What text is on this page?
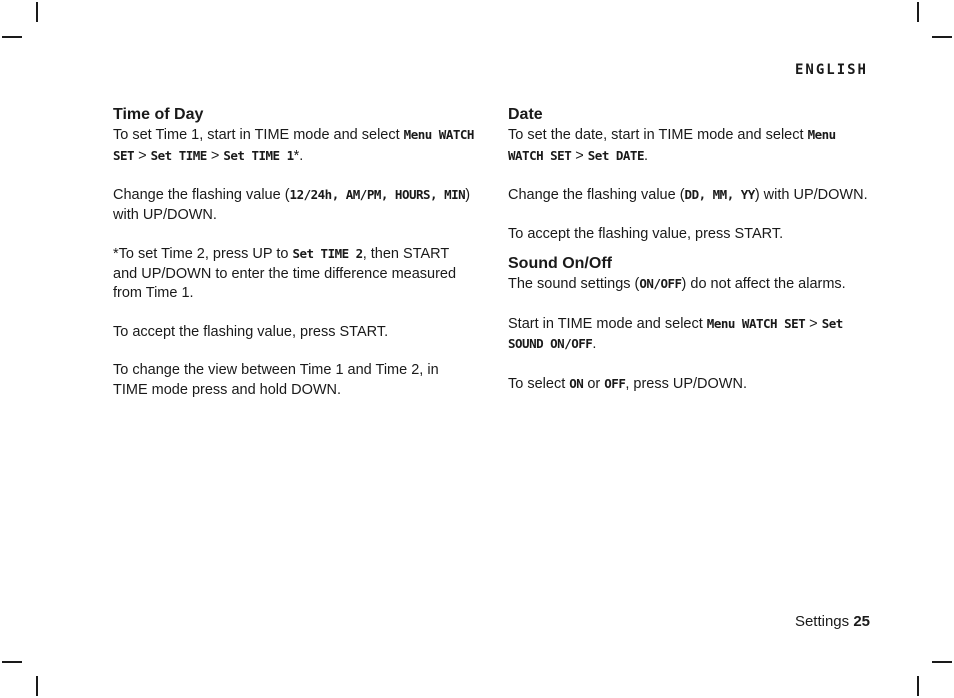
ENGLISH
Time of Day

To set Time 1, start in TIME mode and select Menu WATCH SET > Set TIME > Set TIME 1*.

Change the flashing value (12/24h, AM/PM, HOURS, MIN) with UP/DOWN.

*To set Time 2, press UP to Set TIME 2, then START and UP/DOWN to enter the time difference measured from Time 1.

To accept the flashing value, press START.

To change the view between Time 1 and Time 2, in TIME mode press and hold DOWN.

Date

To set the date, start in TIME mode and select Menu WATCH SET > Set DATE.

Change the flashing value (DD, MM, YY) with UP/DOWN.

To accept the flashing value, press START.

Sound On/Off

The sound settings (ON/OFF) do not affect the alarms.

Start in TIME mode and select Menu WATCH SET > Set SOUND ON/OFF.

To select ON or OFF, press UP/DOWN.

Settings 25
